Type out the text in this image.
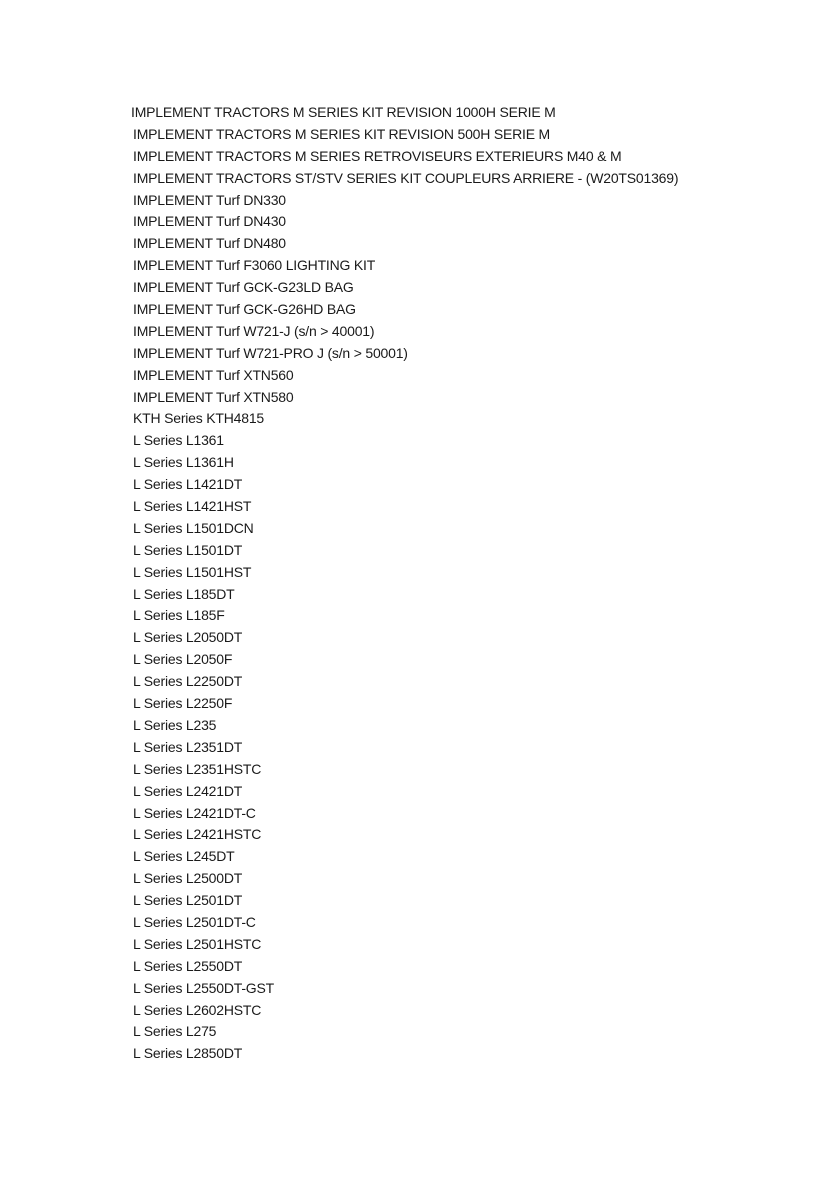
IMPLEMENT TRACTORS M SERIES KIT REVISION 1000H SERIE M
IMPLEMENT TRACTORS M SERIES KIT REVISION 500H SERIE M
IMPLEMENT TRACTORS M SERIES RETROVISEURS EXTERIEURS M40 & M
IMPLEMENT TRACTORS ST/STV SERIES KIT COUPLEURS ARRIERE - (W20TS01369)
IMPLEMENT Turf DN330
IMPLEMENT Turf DN430
IMPLEMENT Turf DN480
IMPLEMENT Turf F3060 LIGHTING KIT
IMPLEMENT Turf GCK-G23LD BAG
IMPLEMENT Turf GCK-G26HD BAG
IMPLEMENT Turf W721-J (s/n > 40001)
IMPLEMENT Turf W721-PRO J (s/n > 50001)
IMPLEMENT Turf XTN560
IMPLEMENT Turf XTN580
KTH Series KTH4815
L Series L1361
L Series L1361H
L Series L1421DT
L Series L1421HST
L Series L1501DCN
L Series L1501DT
L Series L1501HST
L Series L185DT
L Series L185F
L Series L2050DT
L Series L2050F
L Series L2250DT
L Series L2250F
L Series L235
L Series L2351DT
L Series L2351HSTC
L Series L2421DT
L Series L2421DT-C
L Series L2421HSTC
L Series L245DT
L Series L2500DT
L Series L2501DT
L Series L2501DT-C
L Series L2501HSTC
L Series L2550DT
L Series L2550DT-GST
L Series L2602HSTC
L Series L275
L Series L2850DT
